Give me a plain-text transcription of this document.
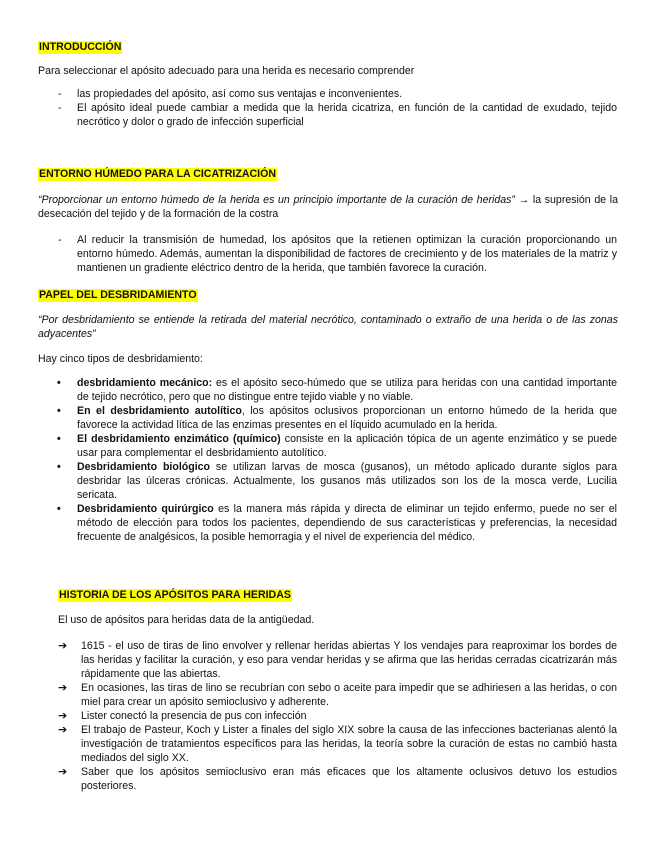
INTRODUCCIÓN
Para seleccionar el apósito adecuado para una herida es necesario comprender
- las propiedades del apósito, así como sus ventajas e inconvenientes.
- El apósito ideal puede cambiar a medida que la herida cicatriza, en función de la cantidad de exudado, tejido necrótico y dolor o grado de infección superficial
ENTORNO HÚMEDO PARA LA CICATRIZACIÓN
“Proporcionar un entorno húmedo de la herida es un principio importante de la curación de heridas” → la supresión de la desecación del tejido y de la formación de la costra
- Al reducir la transmisión de humedad, los apósitos que la retienen optimizan la curación proporcionando un entorno húmedo. Además, aumentan la disponibilidad de factores de crecimiento y de los materiales de la matriz y mantienen un gradiente eléctrico dentro de la herida, que también favorece la curación.
PAPEL DEL DESBRIDAMIENTO
“Por desbridamiento se entiende la retirada del material necrótico, contaminado o extraño de una herida o de las zonas adyacentes”
Hay cinco tipos de desbridamiento:
• desbridamiento mecánico: es el apósito seco-húmedo que se utiliza para heridas con una cantidad importante de tejido necrótico, pero que no distingue entre tejido viable y no viable.
• En el desbridamiento autolítico, los apósitos oclusivos proporcionan un entorno húmedo de la herida que favorece la actividad lítica de las enzimas presentes en el líquido acumulado en la herida.
• El desbridamiento enzimático (químico) consiste en la aplicación tópica de un agente enzimático y se puede usar para complementar el desbridamiento autolítico.
• Desbridamiento biológico se utilizan larvas de mosca (gusanos), un método aplicado durante siglos para desbridar las úlceras crónicas. Actualmente, los gusanos más utilizados son los de la mosca verde, Lucilia sericata.
• Desbridamiento quirúrgico es la manera más rápida y directa de eliminar un tejido enfermo, puede no ser el método de elección para todos los pacientes, dependiendo de sus características y preferencias, la necesidad frecuente de analgésicos, la posible hemorragia y el nivel de experiencia del médico.
HISTORIA DE LOS APÓSITOS PARA HERIDAS
El uso de apósitos para heridas data de la antigüedad.
➔ 1615 - el uso de tiras de lino envolver y rellenar heridas abiertas Y los vendajes para reaproximar los bordes de las heridas y facilitar la curación, y eso para vendar heridas y se afirma que las heridas cerradas cicatrizarán más rápidamente que las abiertas.
➔ En ocasiones, las tiras de lino se recubrían con sebo o aceite para impedir que se adhiriesen a las heridas, o con miel para crear un apósito semioclusivo y adherente.
➔ Lister conectó la presencia de pus con infección
➔ El trabajo de Pasteur, Koch y Lister a finales del siglo XIX sobre la causa de las infecciones bacterianas alentó la investigación de tratamientos específicos para las heridas, la teoría sobre la curación de estas no cambió hasta mediados del siglo XX.
➔ Saber que los apósitos semioclusivo eran más eficaces que los altamente oclusivos detuvo los estudios posteriores.
